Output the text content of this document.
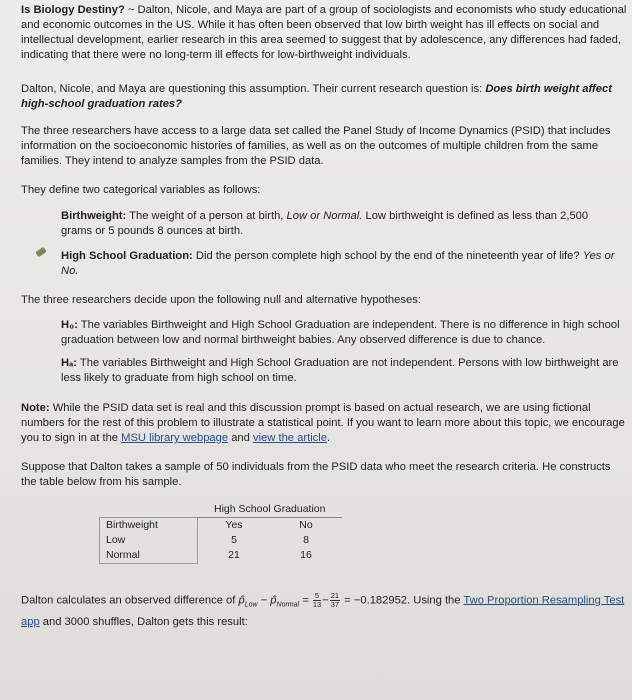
Is Biology Destiny? ~ Dalton, Nicole, and Maya are part of a group of sociologists and economists who study educational and economic outcomes in the US. While it has often been observed that low birth weight has ill effects on social and intellectual development, earlier research in this area seemed to suggest that by adolescence, any differences had faded, indicating that there were no long-term ill effects for low-birthweight individuals.

Dalton, Nicole, and Maya are questioning this assumption. Their current research question is: Does birth weight affect high-school graduation rates?

The three researchers have access to a large data set called the Panel Study of Income Dynamics (PSID) that includes information on the socioeconomic histories of families, as well as on the outcomes of multiple children from the same families. They intend to analyze samples from the PSID data.

They define two categorical variables as follows:

Birthweight: The weight of a person at birth, Low or Normal. Low birthweight is defined as less than 2,500 grams or 5 pounds 8 ounces at birth.

High School Graduation: Did the person complete high school by the end of the nineteenth year of life? Yes or No.

The three researchers decide upon the following null and alternative hypotheses:

H₀: The variables Birthweight and High School Graduation are independent. There is no difference in high school graduation between low and normal birthweight babies. Any observed difference is due to chance.

Hₐ: The variables Birthweight and High School Graduation are not independent. Persons with low birthweight are less likely to graduate from high school on time.

Note: While the PSID data set is real and this discussion prompt is based on actual research, we are using fictional numbers for the rest of this problem to illustrate a statistical point. If you want to learn more about this topic, we encourage you to sign in at the MSU library webpage and view the article.

Suppose that Dalton takes a sample of 50 individuals from the PSID data who meet the research criteria. He constructs the table below from his sample.

	High School Graduation	
Birthweight	Yes	No
Low	5	8
Normal	21	16

Dalton calculates an observed difference of $p̂_{Low}$ − $p̂_{Normal} = \frac{5}{13} - \frac{21}{37} = -0.182952$. Using the Two Proportion Resampling Test app and 3000 shuffles, Dalton gets this result:
